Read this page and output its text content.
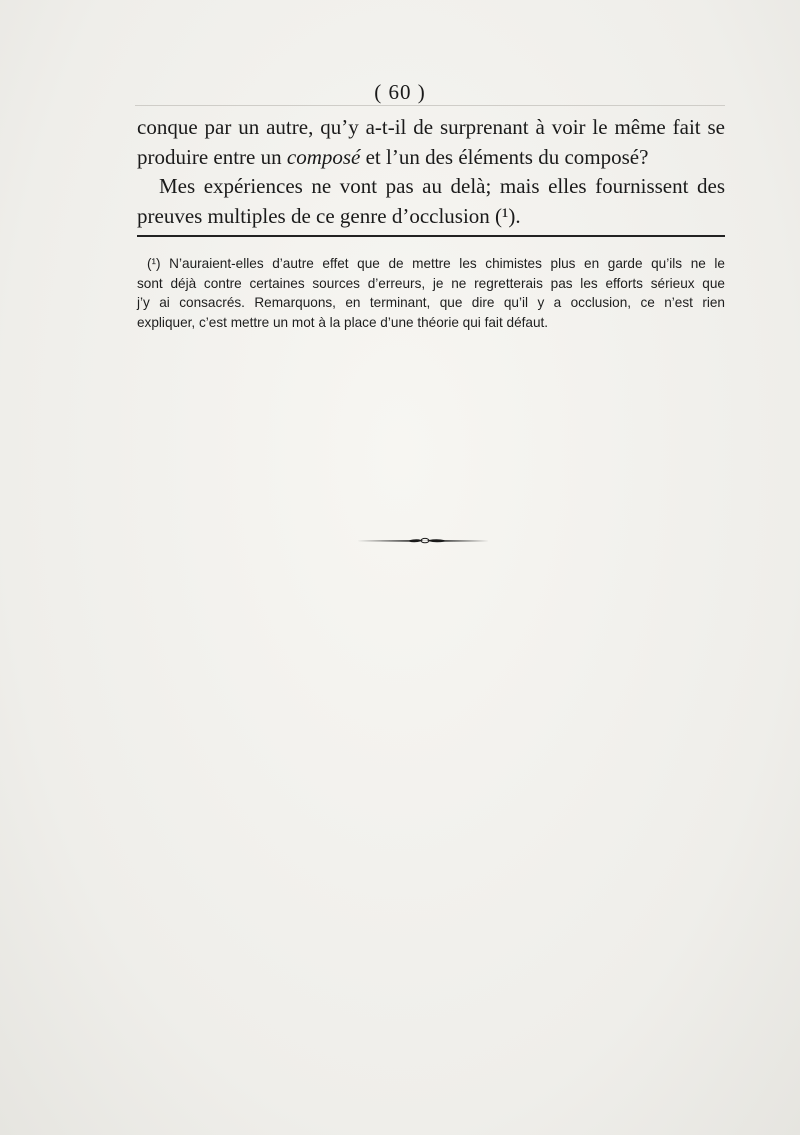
( 60 )

conque par un autre, qu’y a-t-il de surprenant à voir le même fait se
produire entre un composé et l’un des éléments du composé?

Mes expériences ne vont pas au delà; mais elles fournissent des
preuves multiples de ce genre d’occlusion (¹).

(¹) N’auraient-elles d’autre effet que de mettre les chimistes plus en garde qu’ils ne le
sont déjà contre certaines sources d’erreurs, je ne regretterais pas les efforts sérieux que
j’y ai consacrés. Remarquons, en terminant, que dire qu’il y a occlusion, ce n’est rien
expliquer, c’est mettre un mot à la place d’une théorie qui fait défaut.
